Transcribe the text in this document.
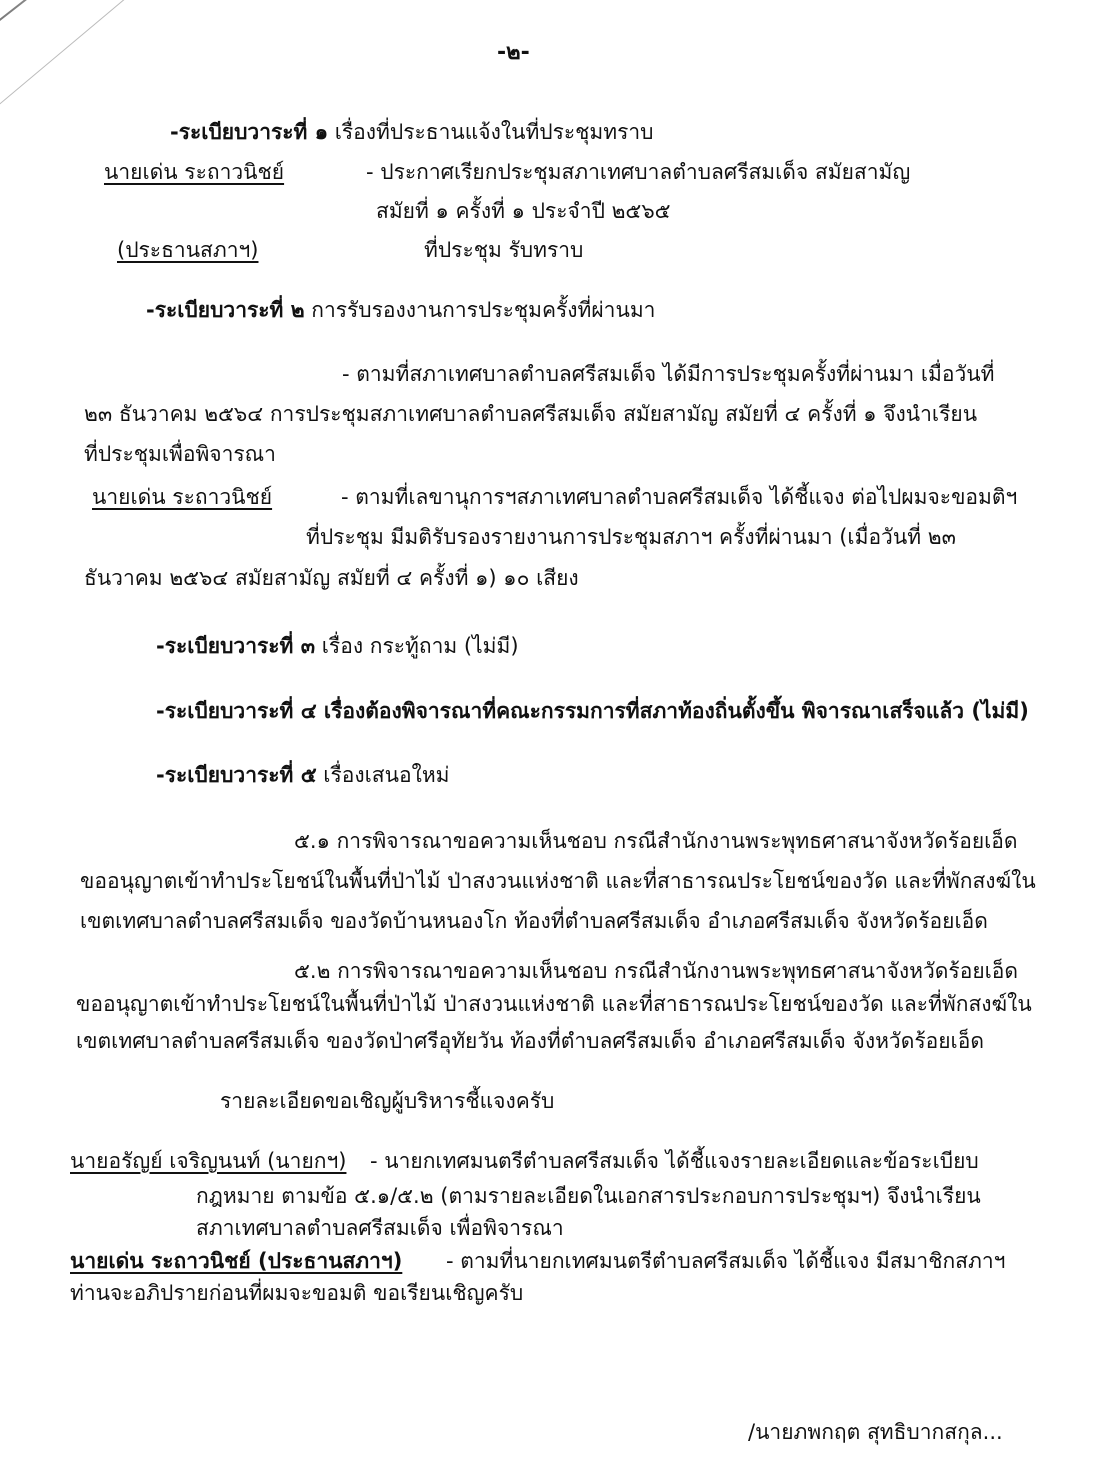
-๒-
-ระเบียบวาระที่ ๑ เรื่องที่ประธานแจ้งในที่ประชุมทราบ
นายเด่น ระถาวนิชย์	- ประกาศเรียกประชุมสภาเทศบาลตำบลศรีสมเด็จ สมัยสามัญ
สมัยที่ ๑ ครั้งที่ ๑ ประจำปี ๒๕๖๕
(ประธานสภาฯ)	ที่ประชุม รับทราบ
-ระเบียบวาระที่ ๒ การรับรองงานการประชุมครั้งที่ผ่านมา
- ตามที่สภาเทศบาลตำบลศรีสมเด็จ ได้มีการประชุมครั้งที่ผ่านมา เมื่อวันที่
๒๓ ธันวาคม ๒๕๖๔ การประชุมสภาเทศบาลตำบลศรีสมเด็จ สมัยสามัญ สมัยที่ ๔ ครั้งที่ ๑ จึงนำเรียน
ที่ประชุมเพื่อพิจารณา
นายเด่น ระถาวนิชย์	- ตามที่เลขานุการฯสภาเทศบาลตำบลศรีสมเด็จ ได้ชี้แจง ต่อไปผมจะขอมติฯ
ที่ประชุม มีมติรับรองรายงานการประชุมสภาฯ ครั้งที่ผ่านมา (เมื่อวันที่ ๒๓
ธันวาคม ๒๕๖๔ สมัยสามัญ สมัยที่ ๔ ครั้งที่ ๑) ๑๐ เสียง
-ระเบียบวาระที่ ๓ เรื่อง กระทู้ถาม (ไม่มี)
-ระเบียบวาระที่ ๔ เรื่องต้องพิจารณาที่คณะกรรมการที่สภาท้องถิ่นตั้งขึ้น พิจารณาเสร็จแล้ว (ไม่มี)
-ระเบียบวาระที่ ๕ เรื่องเสนอใหม่
๕.๑ การพิจารณาขอความเห็นชอบ กรณีสำนักงานพระพุทธศาสนาจังหวัดร้อยเอ็ด
ขออนุญาตเข้าทำประโยชน์ในพื้นที่ป่าไม้ ป่าสงวนแห่งชาติ และที่สาธารณประโยชน์ของวัด และที่พักสงฆ์ใน
เขตเทศบาลตำบลศรีสมเด็จ ของวัดบ้านหนองโก ท้องที่ตำบลศรีสมเด็จ อำเภอศรีสมเด็จ จังหวัดร้อยเอ็ด
๕.๒ การพิจารณาขอความเห็นชอบ กรณีสำนักงานพระพุทธศาสนาจังหวัดร้อยเอ็ด
ขออนุญาตเข้าทำประโยชน์ในพื้นที่ป่าไม้ ป่าสงวนแห่งชาติ และที่สาธารณประโยชน์ของวัด และที่พักสงฆ์ใน
เขตเทศบาลตำบลศรีสมเด็จ ของวัดป่าศรีอุทัยวัน ท้องที่ตำบลศรีสมเด็จ อำเภอศรีสมเด็จ จังหวัดร้อยเอ็ด
รายละเอียดขอเชิญผู้บริหารชี้แจงครับ
นายอรัญย์ เจริญนนท์ (นายกฯ) - นายกเทศมนตรีตำบลศรีสมเด็จ ได้ชี้แจงรายละเอียดและข้อระเบียบ
กฎหมาย ตามข้อ ๕.๑/๕.๒ (ตามรายละเอียดในเอกสารประกอบการประชุมฯ) จึงนำเรียน
สภาเทศบาลตำบลศรีสมเด็จ เพื่อพิจารณา
นายเด่น ระถาวนิชย์ (ประธานสภาฯ) - ตามที่นายกเทศมนตรีตำบลศรีสมเด็จ ได้ชี้แจง มีสมาชิกสภาฯ
ท่านจะอภิปรายก่อนที่ผมจะขอมติ ขอเรียนเชิญครับ
/นายภพกฤต สุทธิบากสกุล...
